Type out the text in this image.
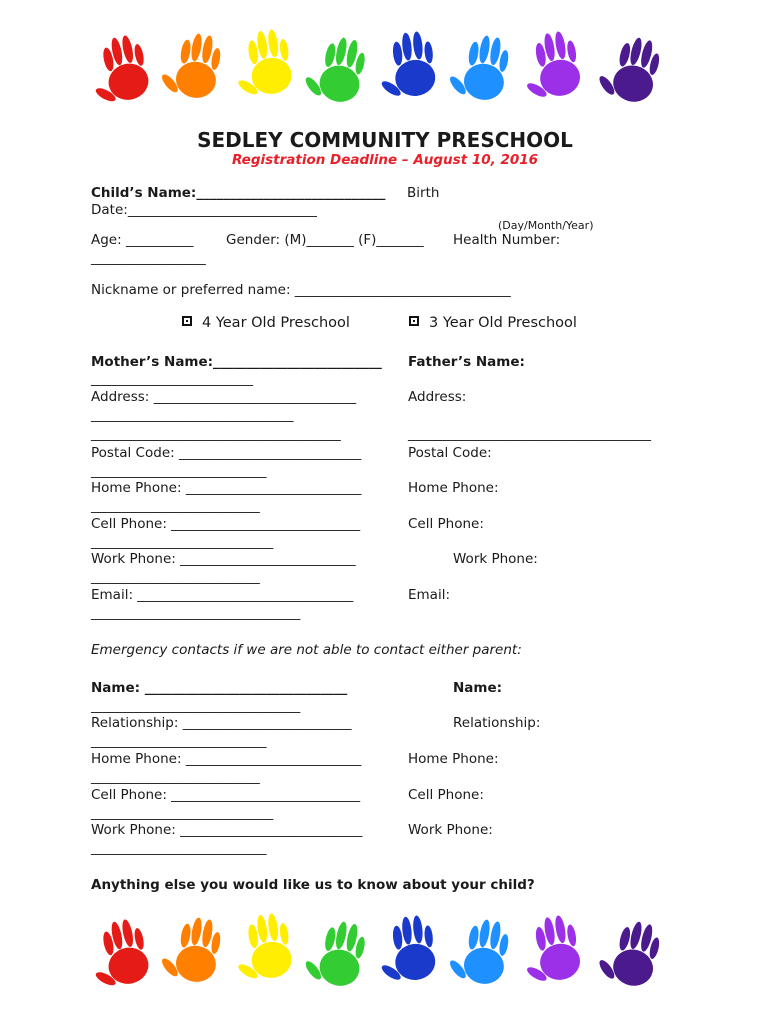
SEDLEY COMMUNITY PRESCHOOL
Registration Deadline – August 10, 2016
Child’s Name:____________________________ Birth
Date:____________________________
(Day/Month/Year)
Age: __________ Gender: (M)_______ (F)_______ Health Number:
_________________
Nickname or preferred name: ________________________________
4 Year Old Preschool	3 Year Old Preschool
Mother’s Name:_________________________
________________________
Address: ______________________________
______________________________
_____________________________________
Postal Code: ___________________________
__________________________
Home Phone: __________________________
_________________________
Cell Phone: ____________________________
___________________________
Work Phone: __________________________
_________________________
Email: ________________________________
_______________________________
Father’s Name:
Address:
____________________________________
Postal Code:
Home Phone:
Cell Phone:
Work Phone:
Email:
Emergency contacts if we are not able to contact either parent:
Name: ______________________________
_______________________________
Relationship: _________________________
__________________________
Home Phone: __________________________
_________________________
Cell Phone: ____________________________
___________________________
Work Phone: ___________________________
__________________________
Name:
Relationship:
Home Phone:
Cell Phone:
Work Phone:
Anything else you would like us to know about your child?
